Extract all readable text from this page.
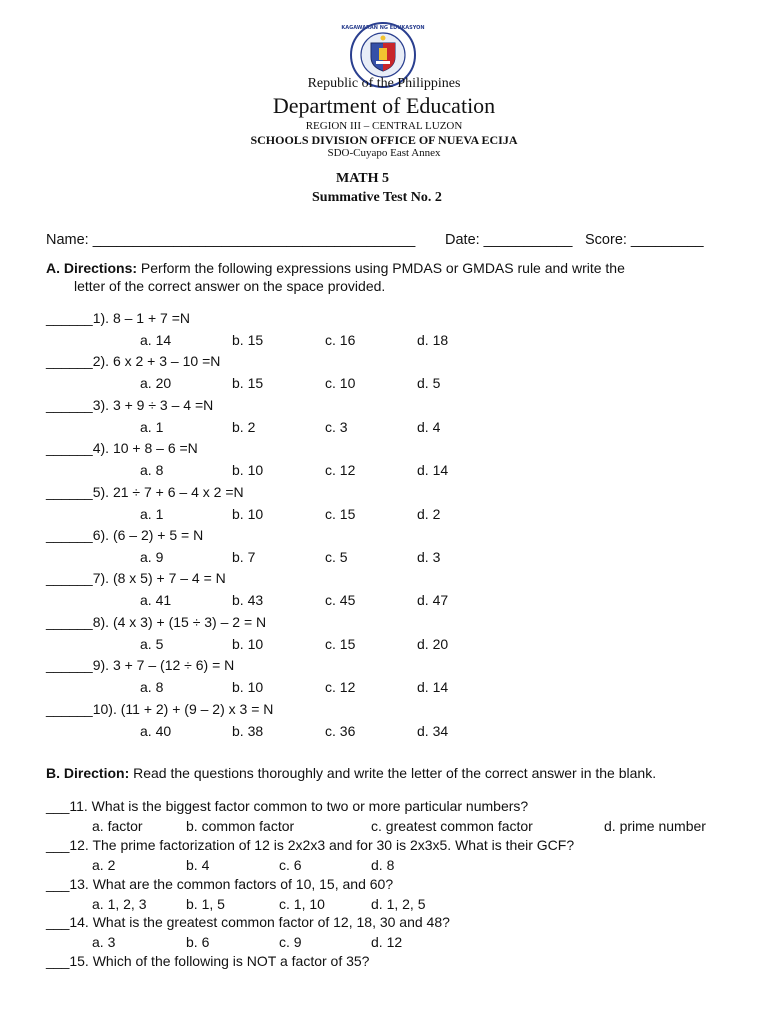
KAGAWARAN NG EDUKASYON
Republic of the Philippines
Department of Education
REGION III – CENTRAL LUZON
SCHOOLS DIVISION OFFICE OF NUEVA ECIJA
SDO-Cuyapo East Annex
MATH 5
Summative Test No. 2
Name: ________________________________________ Date: ___________ Score: _________
A. Directions: Perform the following expressions using PMDAS or GMDAS rule and write the
letter of the correct answer on the space provided.
______1). 8 – 1 + 7 =N
a. 14	b. 15	c. 16	d. 18
______2). 6 x 2 + 3 – 10 =N
a. 20	b. 15	c. 10	d. 5
______3). 3 + 9 ÷ 3 – 4 =N
a. 1	b. 2	c. 3	d. 4
______4). 10 + 8 – 6 =N
a. 8	b. 10	c. 12	d. 14
______5). 21 ÷ 7 + 6 – 4 x 2 =N
a. 1	b. 10	c. 15	d. 2
______6). (6 – 2) + 5 = N
a. 9	b. 7	c. 5	d. 3
______7). (8 x 5) + 7 – 4 = N
a. 41	b. 43	c. 45	d. 47
______8). (4 x 3) + (15 ÷ 3) – 2 = N
a. 5	b. 10	c. 15	d. 20
______9). 3 + 7 – (12 ÷ 6) = N
a. 8	b. 10	c. 12	d. 14
______10). (11 + 2) + (9 – 2) x 3 = N
a. 40	b. 38	c. 36	d. 34
B. Direction: Read the questions thoroughly and write the letter of the correct answer in the blank.
___11. What is the biggest factor common to two or more particular numbers?
a. factor	b. common factor	c. greatest common factor	d. prime number
___12. The prime factorization of 12 is 2x2x3 and for 30 is 2x3x5. What is their GCF?
a. 2	b. 4	c. 6	d. 8
___13. What are the common factors of 10, 15, and 60?
a. 1, 2, 3	b. 1, 5	c. 1, 10	d. 1, 2, 5
___14. What is the greatest common factor of 12, 18, 30 and 48?
a. 3	b. 6	c. 9	d. 12
___15. Which of the following is NOT a factor of 35?
